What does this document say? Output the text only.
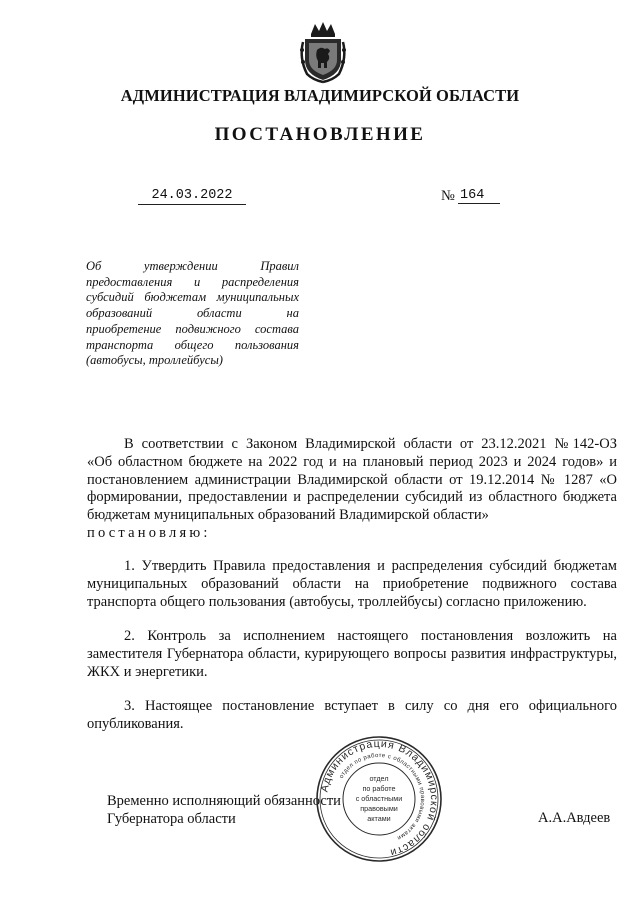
АДМИНИСТРАЦИЯ ВЛАДИМИРСКОЙ ОБЛАСТИ
ПОСТАНОВЛЕНИЕ
24.03.2022	№ 164
Об утверждении Правил
предоставления и распределения
субсидий бюджетам муниципальных
образований области на
приобретение подвижного состава
транспорта общего пользования
(автобусы, троллейбусы)
В соответствии с Законом Владимирской области от 23.12.2021 №142-ОЗ
«Об областном бюджете на 2022 год и на плановый период 2023 и 2024 годов» и постановлением администрации Владимирской области от 19.12.2014 № 1287 «О формировании, предоставлении и распределении субсидий из областного бюджета бюджетам муниципальных образований Владимирской области»
постановляю:
1. Утвердить Правила предоставления и распределения субсидий бюджетам муниципальных образований области на приобретение подвижного состава транспорта общего пользования (автобусы, троллейбусы) согласно приложению.
2. Контроль за исполнением настоящего постановления возложить на заместителя Губернатора области, курирующего вопросы развития инфраструктуры, ЖКХ и энергетики.
3. Настоящее постановление вступает в силу со дня его официального опубликования.
Временно исполняющий обязанности
Губернатора области	А.А.Авдеев
Администрация Владимирской области
отдел по работе с областными правовыми актами
отдел
по работе
с областными
правовыми
актами
